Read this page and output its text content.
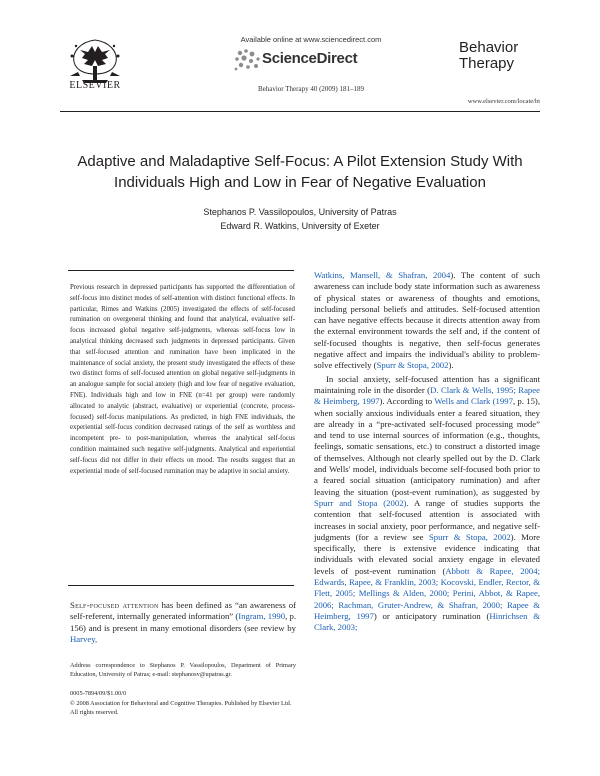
ELSEVIER
Available online at www.sciencedirect.com
ScienceDirect
Behavior Therapy 40 (2009) 181–189
Behavior
Therapy
www.elsevier.com/locate/bt
Adaptive and Maladaptive Self-Focus: A Pilot Extension Study With
Individuals High and Low in Fear of Negative Evaluation
Stephanos P. Vassilopoulos, University of Patras
Edward R. Watkins, University of Exeter
Previous research in depressed participants has supported the differentiation of self-focus into distinct modes of self-attention with distinct functional effects. In particular, Rimes and Watkins (2005) investigated the effects of self-focused rumination on overgeneral thinking and found that analytical, evaluative self-focus increased global negative self-judgments, whereas self-focus low in analytical thinking decreased such judgments in depressed participants. Given that self-focused attention and rumination have been implicated in the maintenance of social anxiety, the present study investigated the effects of these two distinct forms of self-focused attention on global negative self-judgments in an analogue sample for social anxiety (high and low fear of negative evaluation, FNE). Individuals high and low in FNE (n=41 per group) were randomly allocated to analytic (abstract, evaluative) or experiential (concrete, process-focused) self-focus manipulations. As predicted, in high FNE individuals, the experiential self-focus condition decreased ratings of the self as worthless and incompetent pre- to post-manipulation, whereas the analytical self-focus condition maintained such negative self-judgments. Analytical and experiential self-focus did not differ in their effects on mood. The results suggest that an experiential mode of self-focused rumination may be adaptive in social anxiety.
Self-focused attention has been defined as “an awareness of self-referent, internally generated information” (Ingram, 1990, p. 156) and is present in many emotional disorders (see review by Harvey,
Address correspondence to Stephanos P. Vassilopoulos, Department of Primary Education, University of Patras; e-mail: stephanosv@upatras.gr.
0005-7894/09/$1.00/0
© 2008 Association for Behavioral and Cognitive Therapies. Published by Elsevier Ltd. All rights reserved.

Watkins, Mansell, & Shafran, 2004). The content of such awareness can include body state information such as awareness of physical states or awareness of thoughts and emotions, including personal beliefs and attitudes. Self-focused attention can have negative effects because it directs attention away from the external environment towards the self and, if the content of self-focused thoughts is negative, then self-focus generates negative affect and impairs the individual's ability to problem-solve effectively (Spurr & Stopa, 2002).

In social anxiety, self-focused attention has a significant maintaining role in the disorder (D. Clark & Wells, 1995; Rapee & Heimberg, 1997). According to Wells and Clark (1997, p. 15), when socially anxious individuals enter a feared situation, they are already in a “pre-activated self-focused processing mode” and tend to use internal sources of information (e.g., thoughts, feelings, somatic sensations, etc.) to construct a distorted image of themselves. Although not clearly spelled out by the D. Clark and Wells' model, individuals become self-focused both prior to a feared social situation (anticipatory rumination) and after leaving the situation (post-event rumination), as suggested by Spurr and Stopa (2002). A range of studies supports the contention that self-focused attention is associated with increases in social anxiety, poor performance, and negative self-judgments (for a review see Spurr & Stopa, 2002). More specifically, there is extensive evidence indicating that individuals with elevated social anxiety engage in elevated levels of post-event rumination (Abbott & Rapee, 2004; Edwards, Rapee, & Franklin, 2003; Kocovski, Endler, Rector, & Flett, 2005; Mellings & Alden, 2000; Perini, Abbot, & Rapee, 2006; Rachman, Gruter-Andrew, & Shafran, 2000; Rapee & Heimberg, 1997) or anticipatory rumination (Hinrichsen & Clark, 2003;
